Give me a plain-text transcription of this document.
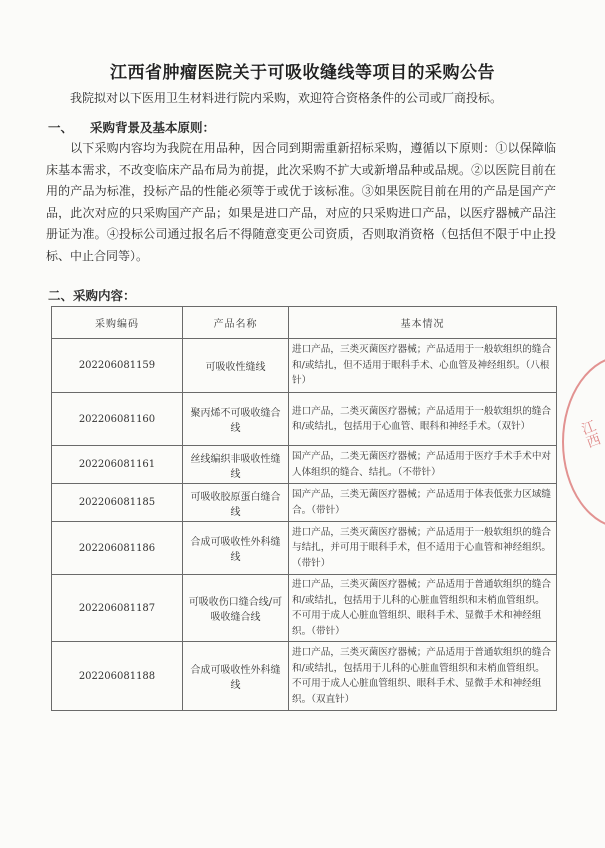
江西省肿瘤医院关于可吸收缝线等项目的采购公告
我院拟对以下医用卫生材料进行院内采购，欢迎符合资格条件的公司或厂商投标。
一、 采购背景及基本原则：
  以下采购内容均为我院在用品种，因合同到期需重新招标采购，遵循以下原则：①以保障临床基本需求，不改变临床产品布局为前提，此次采购不扩大或新增品种或品规。②以医院目前在用的产品为标准，投标产品的性能必须等于或优于该标准。③如果医院目前在用的产品是国产产品，此次对应的只采购国产产品；如果是进口产品，对应的只采购进口产品，以医疗器械产品注册证为准。④投标公司通过报名后不得随意变更公司资质，否则取消资格（包括但不限于中止投标、中止合同等）。
二、采购内容：
采购编码	产品名称	基本情况
202206081159	可吸收性缝线	进口产品，三类灭菌医疗器械；产品适用于一般软组织的缝合和/或结扎，但不适用于眼科手术、心血管及神经组织。（八根针）
202206081160	聚丙烯不可吸收缝合线	进口产品，二类灭菌医疗器械；产品适用于一般软组织的缝合和/或结扎，包括用于心血管、眼科和神经手术。（双针）
202206081161	丝线编织非吸收性缝线	国产产品，二类无菌医疗器械；产品适用于医疗手术手术中对人体组织的缝合、结扎。（不带针）
202206081185	可吸收胶原蛋白缝合线	国产产品，三类无菌医疗器械；产品适用于体表低张力区域缝合。（带针）
202206081186	合成可吸收性外科缝线	进口产品，三类灭菌医疗器械；产品适用于一般软组织的缝合与结扎，并可用于眼科手术，但不适用于心血管和神经组织。（带针）
202206081187	可吸收伤口缝合线/可吸收缝合线	进口产品，三类灭菌医疗器械；产品适用于普通软组织的缝合和/或结扎，包括用于儿科的心脏血管组织和末梢血管组织。不可用于成人心脏血管组织、眼科手术、显微手术和神经组织。（带针）
202206081188	合成可吸收性外科缝线	进口产品，三类灭菌医疗器械；产品适用于普通软组织的缝合和/或结扎，包括用于儿科的心脏血管组织和末梢血管组织。不可用于成人心脏血管组织、眼科手术、显微手术和神经组织。（双直针）
江西
